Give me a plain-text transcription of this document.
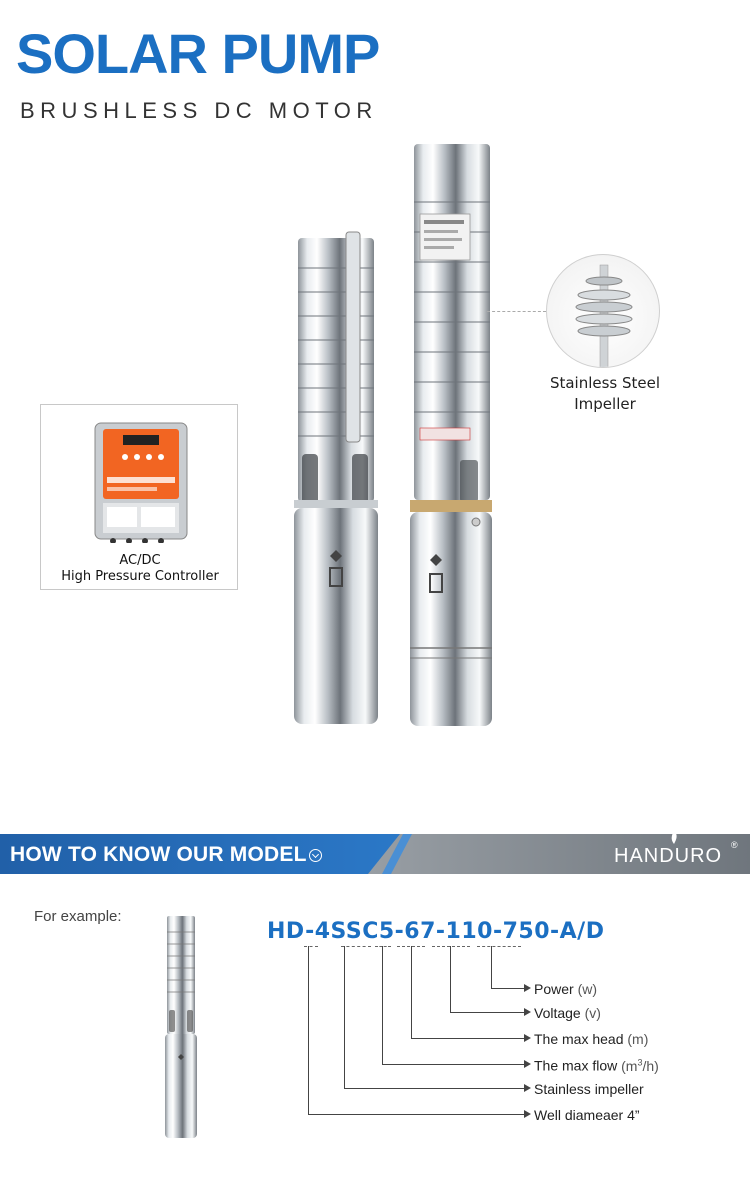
SOLAR PUMP
BRUSHLESS DC MOTOR
AC/DC
High Pressure Controller
Stainless Steel
Impeller
HOW TO KNOW OUR MODEL	HANDURO ®
For example:
HD-4SSC5-67-110-750-A/D
Power (w)
Voltage (v)
The max head (m)
The max flow $(m^3/h)$
Stainless impeller
Well diameaer 4”
